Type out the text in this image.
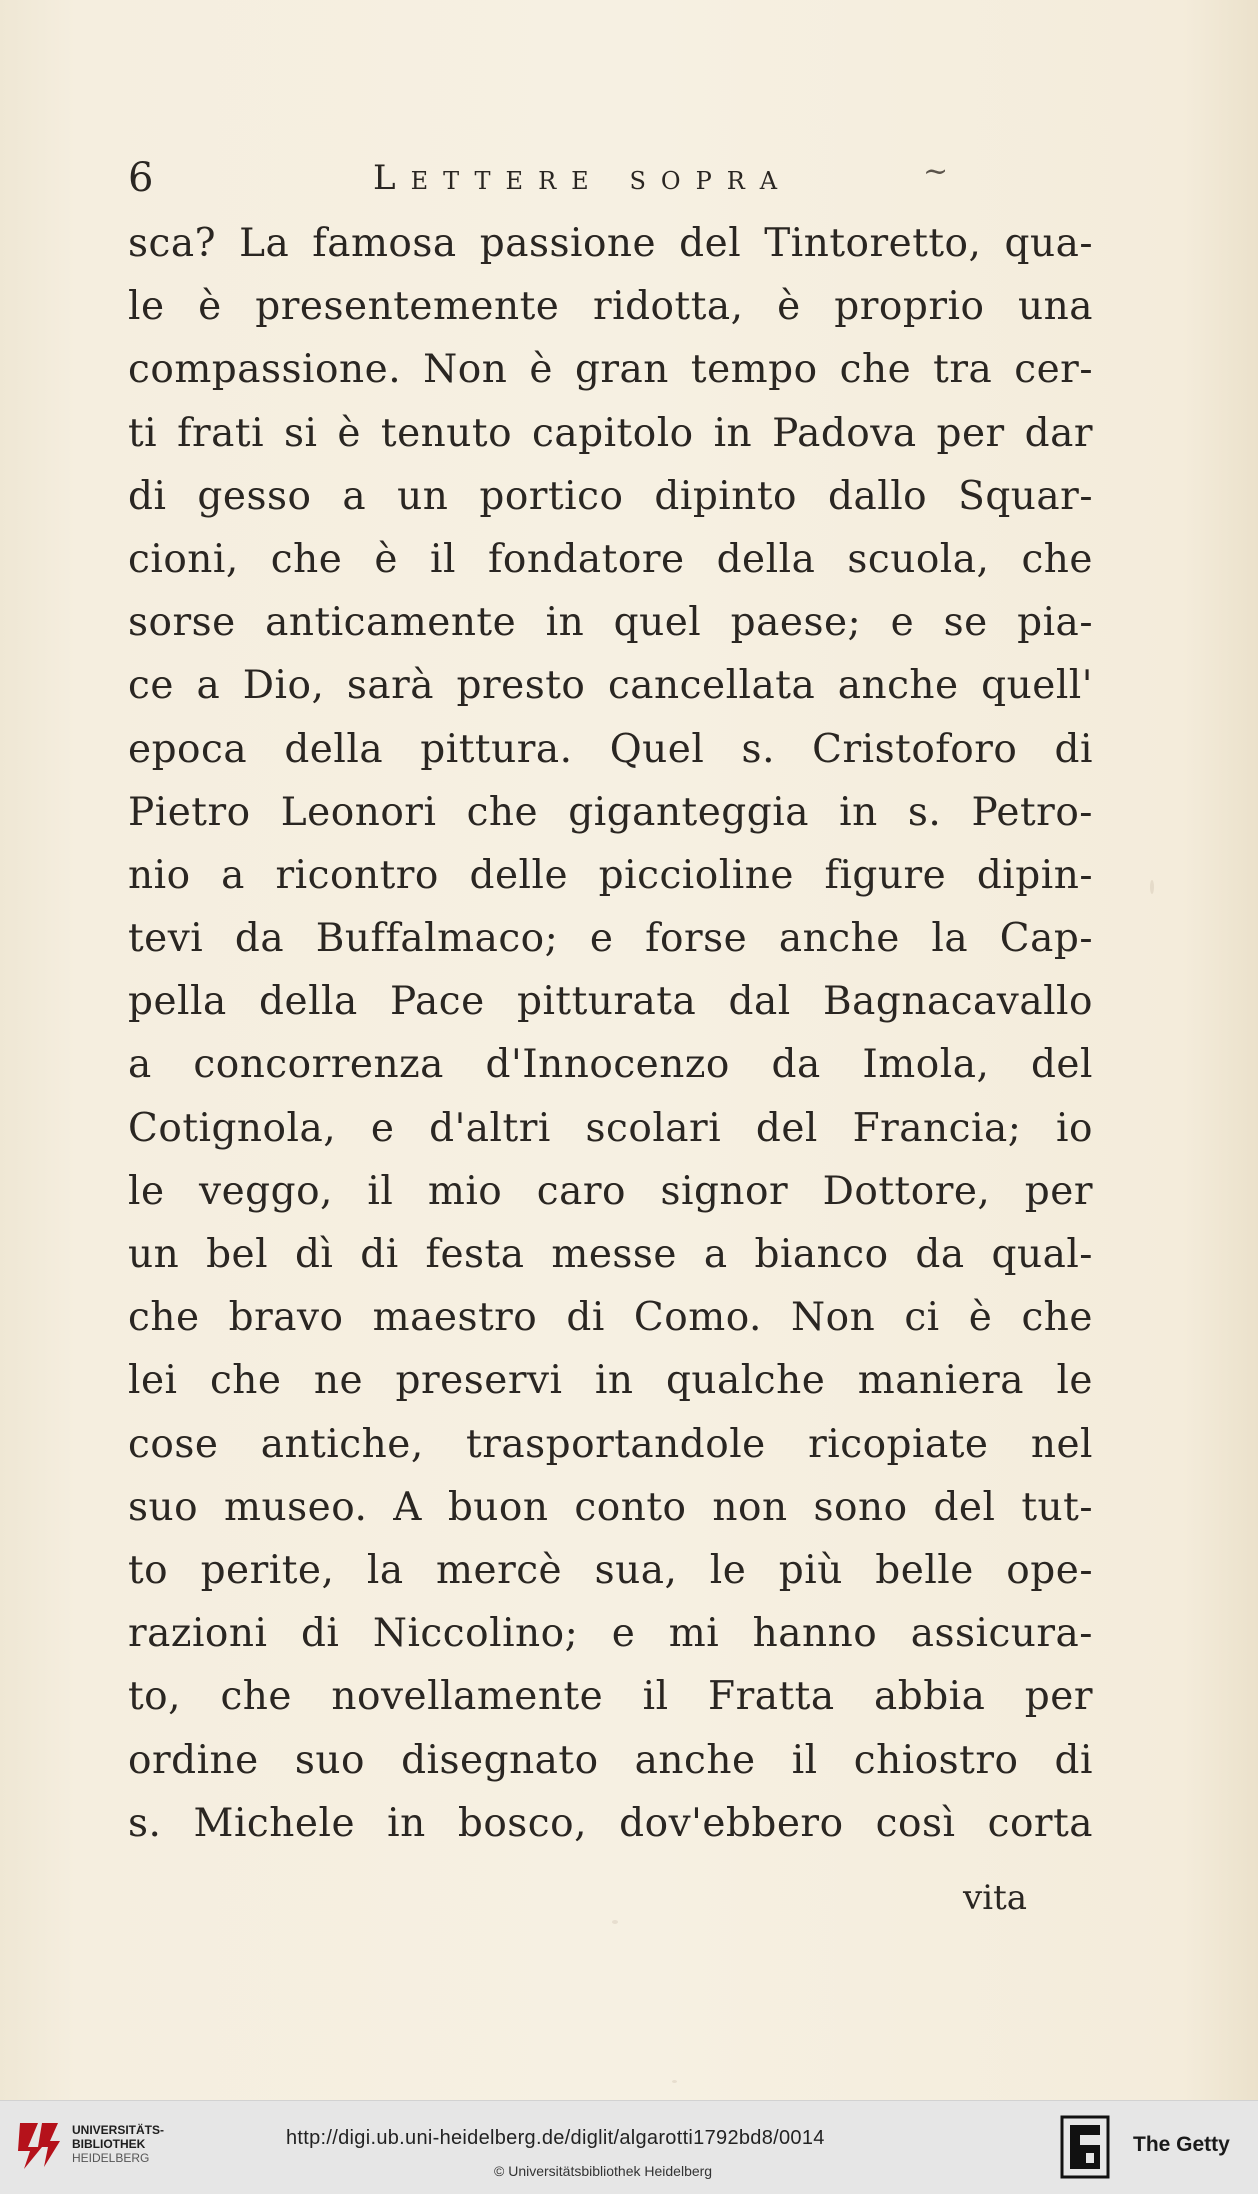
6	Lettere sopra	~
sca? La famosa passione del Tintoretto, qua-
le è presentemente ridotta, è proprio una
compassione. Non è gran tempo che tra cer-
ti frati si è tenuto capitolo in Padova per dar
di gesso a un portico dipinto dallo Squar-
cioni, che è il fondatore della scuola, che
sorse anticamente in quel paese; e se pia-
ce a Dio, sarà presto cancellata anche quell'
epoca della pittura. Quel s. Cristoforo di
Pietro Leonori che giganteggia in s. Petro-
nio a ricontro delle piccioline figure dipin-
tevi da Buffalmaco; e forse anche la Cap-
pella della Pace pitturata dal Bagnacavallo
a concorrenza d'Innocenzo da Imola, del
Cotignola, e d'altri scolari del Francia; io
le veggo, il mio caro signor Dottore, per
un bel dì di festa messe a bianco da qual-
che bravo maestro di Como. Non ci è che
lei che ne preservi in qualche maniera le
cose antiche, trasportandole ricopiate nel
suo museo. A buon conto non sono del tut-
to perite, la mercè sua, le più belle ope-
razioni di Niccolino; e mi hanno assicura-
to, che novellamente il Fratta abbia per
ordine suo disegnato anche il chiostro di
s. Michele in bosco, dov'ebbero così corta
vita
UNIVERSITÄTS-
BIBLIOTHEK
HEIDELBERG
http://digi.ub.uni-heidelberg.de/diglit/algarotti1792bd8/0014
© Universitätsbibliothek Heidelberg
The Getty
